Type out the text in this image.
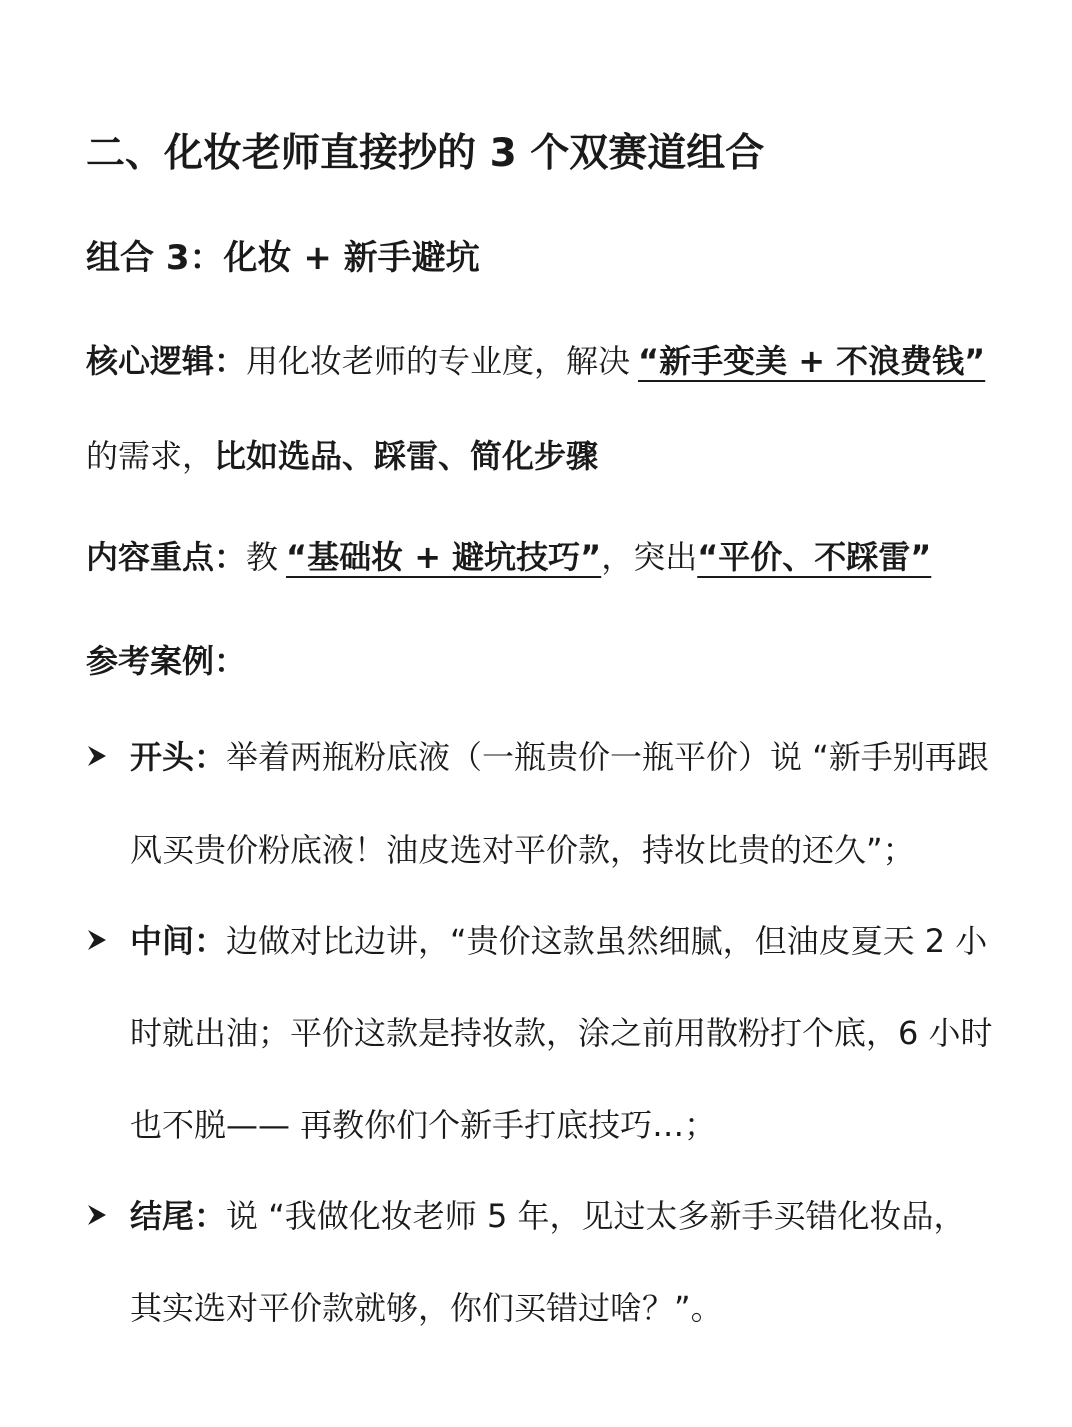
二、化妆老师直接抄的 3 个双赛道组合
组合 3：化妆 + 新手避坑
核心逻辑：用化妆老师的专业度，解决 “新手变美 + 不浪费钱”
的需求，比如选品、踩雷、简化步骤
内容重点：教 “基础妆 + 避坑技巧”，突出“平价、不踩雷”
参考案例：
开头：举着两瓶粉底液（一瓶贵价一瓶平价）说 “新手别再跟
风买贵价粉底液！油皮选对平价款，持妆比贵的还久”；
中间：边做对比边讲，“贵价这款虽然细腻，但油皮夏天 2 小
时就出油；平价这款是持妆款，涂之前用散粉打个底，6 小时
也不脱—— 再教你们个新手打底技巧…；
结尾：说 “我做化妆老师 5 年，见过太多新手买错化妆品，
其实选对平价款就够，你们买错过啥？”。
